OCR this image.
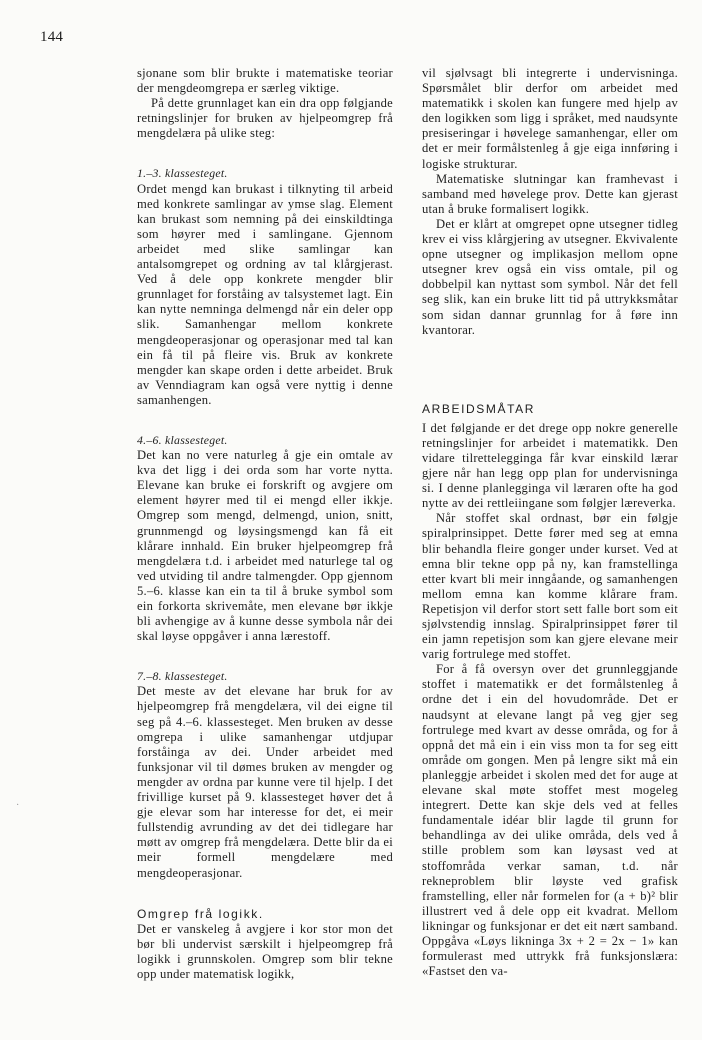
144

sjonane som blir brukte i matematiske teoriar der mengdeomgrepa er særleg viktige.

På dette grunnlaget kan ein dra opp følgjande retningslinjer for bruken av hjelpeomgrep frå mengdelæra på ulike steg:

1.–3. klassesteget.

Ordet mengd kan brukast i tilknyting til arbeid med konkrete samlingar av ymse slag. Element kan brukast som nemning på dei einskildtinga som høyrer med i samlingane. Gjennom arbeidet med slike samlingar kan antalsomgrepet og ordning av tal klårgjerast. Ved å dele opp konkrete mengder blir grunnlaget for forståing av talsystemet lagt. Ein kan nytte nemninga delmengd når ein deler opp slik. Samanhengar mellom konkrete mengdeoperasjonar og operasjonar med tal kan ein få til på fleire vis. Bruk av konkrete mengder kan skape orden i dette arbeidet. Bruk av Venndiagram kan også vere nyttig i denne samanhengen.

4.–6. klassesteget.

Det kan no vere naturleg å gje ein omtale av kva det ligg i dei orda som har vorte nytta. Elevane kan bruke ei forskrift og avgjere om element høyrer med til ei mengd eller ikkje. Omgrep som mengd, delmengd, union, snitt, grunnmengd og løysingsmengd kan få eit klårare innhald. Ein bruker hjelpeomgrep frå mengdelæra t.d. i arbeidet med naturlege tal og ved utviding til andre talmengder. Opp gjennom 5.–6. klasse kan ein ta til å bruke symbol som ein forkorta skrivemåte, men elevane bør ikkje bli avhengige av å kunne desse symbola når dei skal løyse oppgåver i anna lærestoff.

7.–8. klassesteget.

Det meste av det elevane har bruk for av hjelpeomgrep frå mengdelæra, vil dei eigne til seg på 4.–6. klassesteget. Men bruken av desse omgrepa i ulike samanhengar utdjupar forståinga av dei. Under arbeidet med funksjonar vil til dømes bruken av mengder og mengder av ordna par kunne vere til hjelp. I det frivillige kurset på 9. klassesteget høver det å gje elevar som har interesse for det, ei meir fullstendig avrunding av det dei tidlegare har møtt av omgrep frå mengdelæra. Dette blir da ei meir formell mengdelære med mengdeoperasjonar.

Omgrep frå logikk.

Det er vanskeleg å avgjere i kor stor mon det bør bli undervist særskilt i hjelpeomgrep frå logikk i grunnskolen. Omgrep som blir tekne opp under matematisk logikk,

vil sjølvsagt bli integrerte i undervisninga. Spørsmålet blir derfor om arbeidet med matematikk i skolen kan fungere med hjelp av den logikken som ligg i språket, med naudsynte presiseringar i høvelege samanhengar, eller om det er meir formålstenleg å gje eiga innføring i logiske strukturar.

Matematiske slutningar kan framhevast i samband med høvelege prov. Dette kan gjerast utan å bruke formalisert logikk.

Det er klårt at omgrepet opne utsegner tidleg krev ei viss klårgjering av utsegner. Ekvivalente opne utsegner og implikasjon mellom opne utsegner krev også ein viss omtale, pil og dobbelpil kan nyttast som symbol. Når det fell seg slik, kan ein bruke litt tid på uttrykksmåtar som sidan dannar grunnlag for å føre inn kvantorar.

ARBEIDSMÅTAR

I det følgjande er det drege opp nokre generelle retningslinjer for arbeidet i matematikk. Den vidare tilrettelegginga får kvar einskild lærar gjere når han legg opp plan for undervisninga si. I denne planlegginga vil læraren ofte ha god nytte av dei rettleiingane som følgjer læreverka.

Når stoffet skal ordnast, bør ein følgje spiralprinsippet. Dette fører med seg at emna blir behandla fleire gonger under kurset. Ved at emna blir tekne opp på ny, kan framstellinga etter kvart bli meir inngåande, og samanhengen mellom emna kan komme klårare fram. Repetisjon vil derfor stort sett falle bort som eit sjølvstendig innslag. Spiralprinsippet fører til ein jamn repetisjon som kan gjere elevane meir varig fortrulege med stoffet.

For å få oversyn over det grunnleggjande stoffet i matematikk er det formålstenleg å ordne det i ein del hovudområde. Det er naudsynt at elevane langt på veg gjer seg fortrulege med kvart av desse områda, og for å oppnå det må ein i ein viss mon ta for seg eitt område om gongen. Men på lengre sikt må ein planleggje arbeidet i skolen med det for auge at elevane skal møte stoffet mest mogeleg integrert. Dette kan skje dels ved at felles fundamentale idéar blir lagde til grunn for behandlinga av dei ulike områda, dels ved å stille problem som kan løysast ved at stoffområda verkar saman, t.d. når rekneproblem blir løyste ved grafisk framstelling, eller når formelen for (a + b)² blir illustrert ved å dele opp eit kvadrat. Mellom likningar og funksjonar er det eit nært samband. Oppgåva «Løys likninga 3x + 2 = 2x − 1» kan formulerast med uttrykk frå funksjonslæra: «Fastset den va-

·
